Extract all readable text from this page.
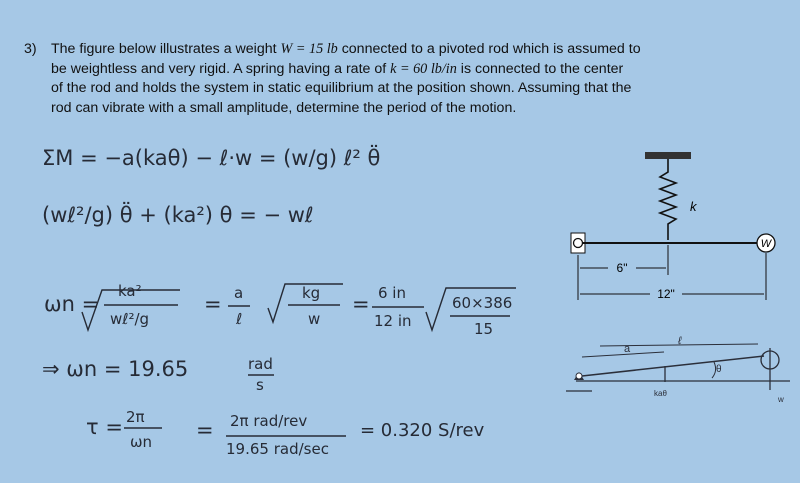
3) The figure below illustrates a weight W = 15 lb connected to a pivoted rod which is assumed to
be weightless and very rigid. A spring having a rate of k = 60 lb/in is connected to the center
of the rod and holds the system in static equilibrium at the position shown. Assuming that the
rod can vibrate with a small amplitude, determine the period of the motion.
k
W
6"
12"
a
ℓ
θ
kaθ
w
ΣM = −a(kaθ) − ℓ·w = (w/g) ℓ² θ̈
(wℓ²/g) θ̈ + (ka²) θ = − wℓ
ωn =
ka²
wℓ²/g
= a
ℓ
kg
w
= 6 in
12 in
60×386
15
⇒ ωn = 19.65	rad
s
τ = 2π
ωn = 2π rad/rev
19.65 rad/sec
= 0.320 S/rev
